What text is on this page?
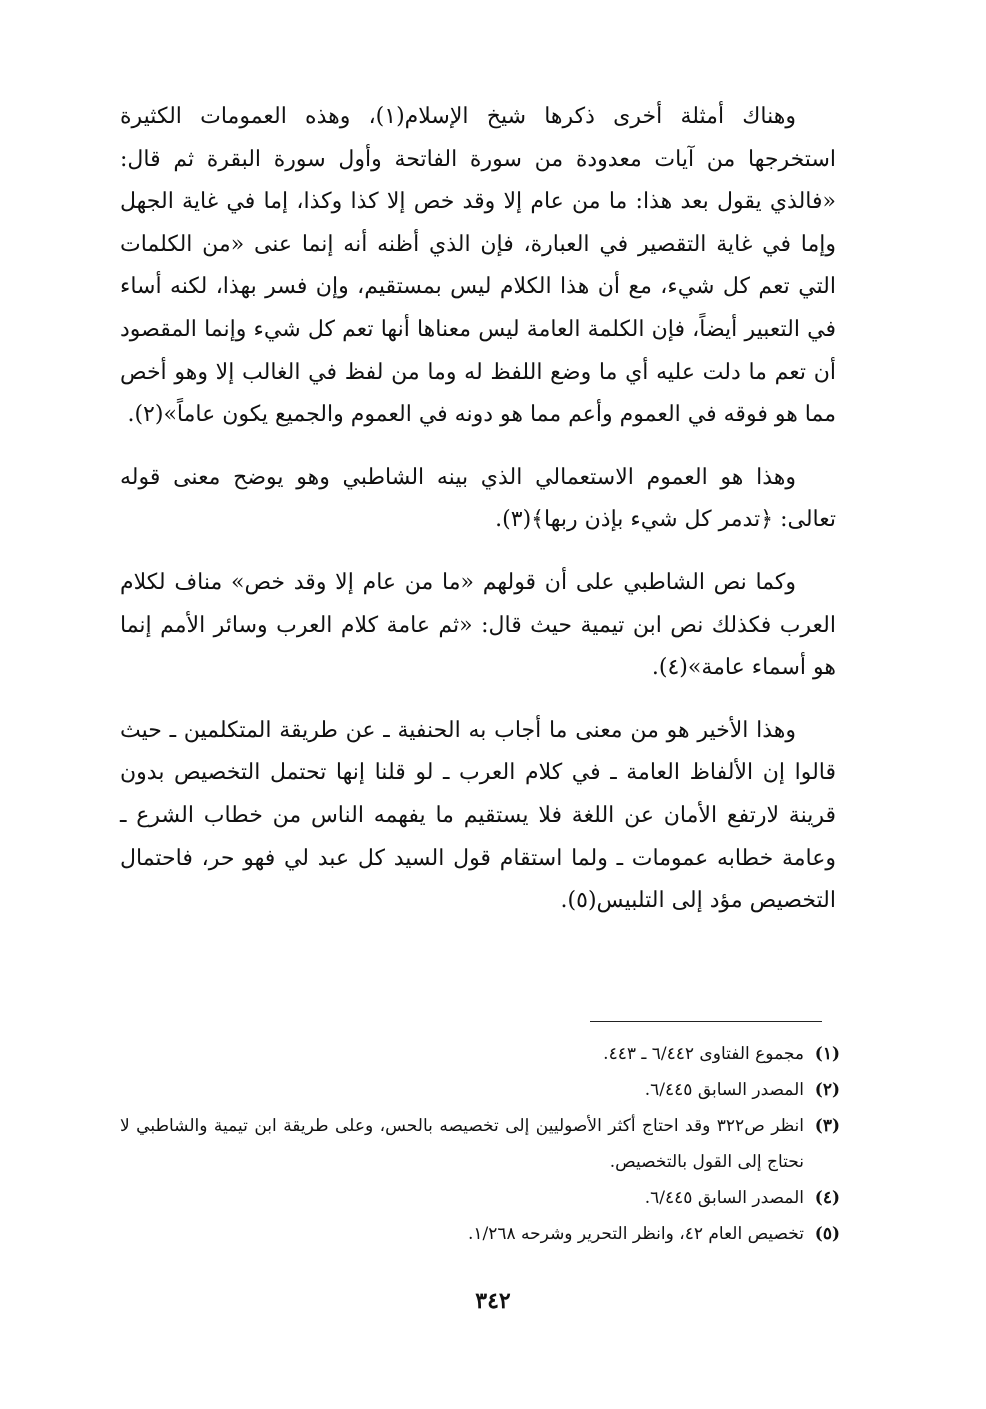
وهناك أمثلة أخرى ذكرها شيخ الإسلام(١)، وهذه العمومات الكثيرة استخرجها من آيات معدودة من سورة الفاتحة وأول سورة البقرة ثم قال: «فالذي يقول بعد هذا: ما من عام إلا وقد خص إلا كذا وكذا، إما في غاية الجهل وإما في غاية التقصير في العبارة، فإن الذي أظنه أنه إنما عنى «من الكلمات التي تعم كل شيء، مع أن هذا الكلام ليس بمستقيم، وإن فسر بهذا، لكنه أساء في التعبير أيضاً، فإن الكلمة العامة ليس معناها أنها تعم كل شيء وإنما المقصود أن تعم ما دلت عليه أي ما وضع اللفظ له وما من لفظ في الغالب إلا وهو أخص مما هو فوقه في العموم وأعم مما هو دونه في العموم والجميع يكون عاماً»(٢).

وهذا هو العموم الاستعمالي الذي بينه الشاطبي وهو يوضح معنى قوله تعالى: ﴿تدمر كل شيء بإذن ربها﴾(٣).

وكما نص الشاطبي على أن قولهم «ما من عام إلا وقد خص» مناف لكلام العرب فكذلك نص ابن تيمية حيث قال: «ثم عامة كلام العرب وسائر الأمم إنما هو أسماء عامة»(٤).

وهذا الأخير هو من معنى ما أجاب به الحنفية ـ عن طريقة المتكلمين ـ حيث قالوا إن الألفاظ العامة ـ في كلام العرب ـ لو قلنا إنها تحتمل التخصيص بدون قرينة لارتفع الأمان عن اللغة فلا يستقيم ما يفهمه الناس من خطاب الشرع ـ وعامة خطابه عمومات ـ ولما استقام قول السيد كل عبد لي فهو حر، فاحتمال التخصيص مؤد إلى التلبيس(٥).

(١)
مجموع الفتاوى ٦/٤٤٢ ـ ٤٤٣.
(٢)
المصدر السابق ٦/٤٤٥.
(٣)
انظر ص٣٢٢ وقد احتاج أكثر الأصوليين إلى تخصيصه بالحس، وعلى طريقة ابن تيمية والشاطبي لا نحتاج إلى القول بالتخصيص.
(٤)
المصدر السابق ٦/٤٤٥.
(٥)
تخصيص العام ٤٢، وانظر التحرير وشرحه ١/٢٦٨.
٣٤٢
